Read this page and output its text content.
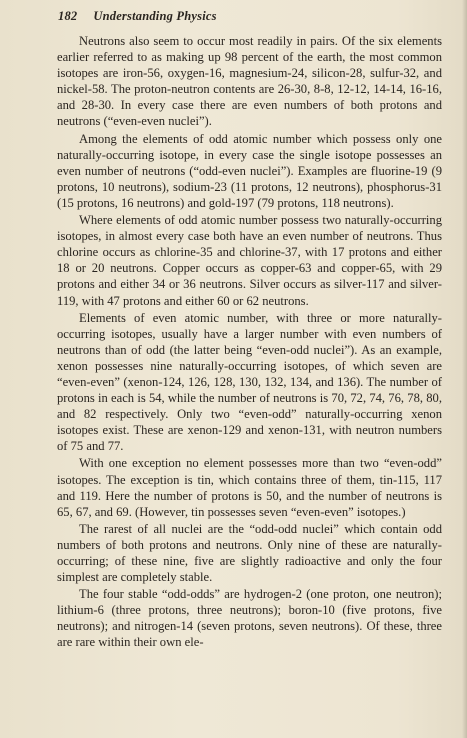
182 Understanding Physics

Neutrons also seem to occur most readily in pairs. Of the six elements earlier referred to as making up 98 percent of the earth, the most common isotopes are iron-56, oxygen-16, magnesium-24, silicon-28, sulfur-32, and nickel-58. The proton-neutron contents are 26-30, 8-8, 12-12, 14-14, 16-16, and 28-30. In every case there are even numbers of both protons and neutrons (“even-even nuclei”).

Among the elements of odd atomic number which possess only one naturally-occurring isotope, in every case the single isotope possesses an even number of neutrons (“odd-even nuclei”). Examples are fluorine-19 (9 protons, 10 neutrons), sodium-23 (11 protons, 12 neutrons), phosphorus-31 (15 protons, 16 neutrons) and gold-197 (79 protons, 118 neutrons).

Where elements of odd atomic number possess two naturally-occurring isotopes, in almost every case both have an even number of neutrons. Thus chlorine occurs as chlorine-35 and chlorine-37, with 17 protons and either 18 or 20 neutrons. Copper occurs as copper-63 and copper-65, with 29 protons and either 34 or 36 neutrons. Silver occurs as silver-117 and silver-119, with 47 protons and either 60 or 62 neutrons.

Elements of even atomic number, with three or more naturally-occurring isotopes, usually have a larger number with even numbers of neutrons than of odd (the latter being “even-odd nuclei”). As an example, xenon possesses nine naturally-occurring isotopes, of which seven are “even-even” (xenon-124, 126, 128, 130, 132, 134, and 136). The number of protons in each is 54, while the number of neutrons is 70, 72, 74, 76, 78, 80, and 82 respectively. Only two “even-odd” naturally-occurring xenon isotopes exist. These are xenon-129 and xenon-131, with neutron numbers of 75 and 77.

With one exception no element possesses more than two “even-odd” isotopes. The exception is tin, which contains three of them, tin-115, 117 and 119. Here the number of protons is 50, and the number of neutrons is 65, 67, and 69. (However, tin possesses seven “even-even” isotopes.)

The rarest of all nuclei are the “odd-odd nuclei” which contain odd numbers of both protons and neutrons. Only nine of these are naturally-occurring; of these nine, five are slightly radioactive and only the four simplest are completely stable.

The four stable “odd-odds” are hydrogen-2 (one proton, one neutron); lithium-6 (three protons, three neutrons); boron-10 (five protons, five neutrons); and nitrogen-14 (seven protons, seven neutrons). Of these, three are rare within their own ele-
